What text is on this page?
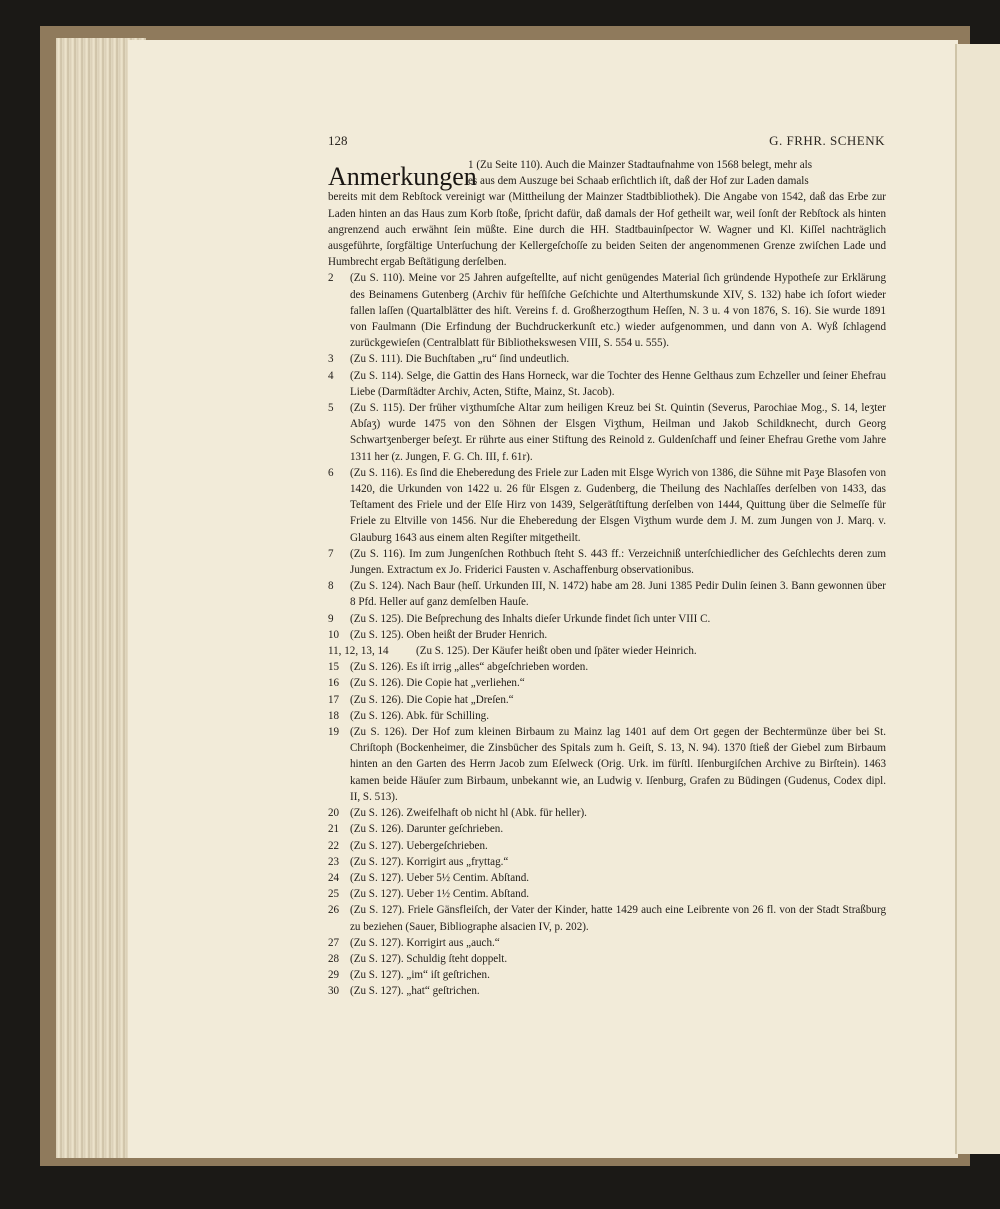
128	G. FRHR. SCHENK
Anmerkungen
1 (Zu Seite 110). Auch die Mainzer Stadtaufnahme von 1568 belegt, mehr als
es aus dem Auszuge bei Schaab erſichtlich iſt, daß der Hof zur Laden damals
bereits mit dem Rebſtock vereinigt war (Mittheilung der Mainzer Stadtbibliothek). Die Angabe von 1542, daß das Erbe zur Laden hinten an das Haus zum Korb ſtoße, ſpricht dafür, daß damals der Hof getheilt war, weil ſonſt der Rebſtock als hinten angrenzend auch erwähnt ſein müßte. Eine durch die HH. Stadtbauinſpector W. Wagner und Kl. Kiſſel nachträglich ausgeführte, ſorgfältige Unterſuchung der Kellergeſchoſſe zu beiden Seiten der angenommenen Grenze zwiſchen Lade und Humbrecht ergab Beſtätigung derſelben.
2	(Zu S. 110). Meine vor 25 Jahren aufgeſtellte, auf nicht genügendes Material ſich gründende Hypotheſe zur Erklärung des Beinamens Gutenberg (Archiv für heſſiſche Geſchichte und Alterthumskunde XIV, S. 132) habe ich ſofort wieder fallen laſſen (Quartalblätter des hiſt. Vereins f. d. Großherzogthum Heſſen, N. 3 u. 4 von 1876, S. 16). Sie wurde 1891 von Faulmann (Die Erfindung der Buchdruckerkunſt etc.) wieder aufgenommen, und dann von A. Wyß ſchlagend zurückgewieſen (Centralblatt für Bibliothekswesen VIII, S. 554 u. 555).
3	(Zu S. 111). Die Buchſtaben „ru“ ſind undeutlich.
4	(Zu S. 114). Selge, die Gattin des Hans Horneck, war die Tochter des Henne Gelthaus zum Echzeller und ſeiner Ehefrau Liebe (Darmſtädter Archiv, Acten, Stifte, Mainz, St. Jacob).
5	(Zu S. 115). Der früher viʒthumſche Altar zum heiligen Kreuz bei St. Quintin (Severus, Parochiae Mog., S. 14, leʒter Abſaʒ) wurde 1475 von den Söhnen der Elsgen Viʒthum, Heilman und Jakob Schildknecht, durch Georg Schwartʒenberger beſeʒt. Er rührte aus einer Stiftung des Reinold z. Guldenſchaff und ſeiner Ehefrau Grethe vom Jahre 1311 her (z. Jungen, F. G. Ch. III, f. 61r).
6	(Zu S. 116). Es ſind die Eheberedung des Friele zur Laden mit Elsge Wyrich von 1386, die Sühne mit Paʒe Blasofen von 1420, die Urkunden von 1422 u. 26 für Elsgen z. Gudenberg, die Theilung des Nachlaſſes derſelben von 1433, das Teſtament des Friele und der Elſe Hirz von 1439, Selgerätſtiftung derſelben von 1444, Quittung über die Selmeſſe für Friele zu Eltville von 1456. Nur die Eheberedung der Elsgen Viʒthum wurde dem J. M. zum Jungen von J. Marq. v. Glauburg 1643 aus einem alten Regiſter mitgetheilt.
7	(Zu S. 116). Im zum Jungenſchen Rothbuch ſteht S. 443 ff.: Verzeichniß unterſchiedlicher des Geſchlechts deren zum Jungen. Extractum ex Jo. Friderici Fausten v. Aschaffenburg observationibus.
8	(Zu S. 124). Nach Baur (heſſ. Urkunden III, N. 1472) habe am 28. Juni 1385 Pedir Dulin ſeinen 3. Bann gewonnen über 8 Pfd. Heller auf ganz demſelben Hauſe.
9	(Zu S. 125). Die Beſprechung des Inhalts dieſer Urkunde findet ſich unter VIII C.
10 (Zu S. 125). Oben heißt der Bruder Henrich.
11, 12, 13, 14	(Zu S. 125). Der Käufer heißt oben und ſpäter wieder Heinrich.
15 (Zu S. 126). Es iſt irrig „alles“ abgeſchrieben worden.
16 (Zu S. 126). Die Copie hat „verliehen.“
17 (Zu S. 126). Die Copie hat „Dreſen.“
18 (Zu S. 126). Abk. für Schilling.
19 (Zu S. 126). Der Hof zum kleinen Birbaum zu Mainz lag 1401 auf dem Ort gegen der Bechtermünze über bei St. Chriſtoph (Bockenheimer, die Zinsbücher des Spitals zum h. Geiſt, S. 13, N. 94). 1370 ſtieß der Giebel zum Birbaum hinten an den Garten des Herrn Jacob zum Eſelweck (Orig. Urk. im fürſtl. Iſenburgiſchen Archive zu Birſtein). 1463 kamen beide Häuſer zum Birbaum, unbekannt wie, an Ludwig v. Iſenburg, Grafen zu Büdingen (Gudenus, Codex dipl. II, S. 513).
20 (Zu S. 126). Zweifelhaft ob nicht hl (Abk. für heller).
21 (Zu S. 126). Darunter geſchrieben.
22 (Zu S. 127). Uebergeſchrieben.
23 (Zu S. 127). Korrigirt aus „fryttag.“
24 (Zu S. 127). Ueber 5½ Centim. Abſtand.
25 (Zu S. 127). Ueber 1½ Centim. Abſtand.
26 (Zu S. 127). Friele Gänsfleiſch, der Vater der Kinder, hatte 1429 auch eine Leibrente von 26 fl. von der Stadt Straßburg zu beziehen (Sauer, Bibliographe alsacien IV, p. 202).
27 (Zu S. 127). Korrigirt aus „auch.“
28 (Zu S. 127). Schuldig ſteht doppelt.
29 (Zu S. 127). „im“ iſt geſtrichen.
30 (Zu S. 127). „hat“ geſtrichen.
